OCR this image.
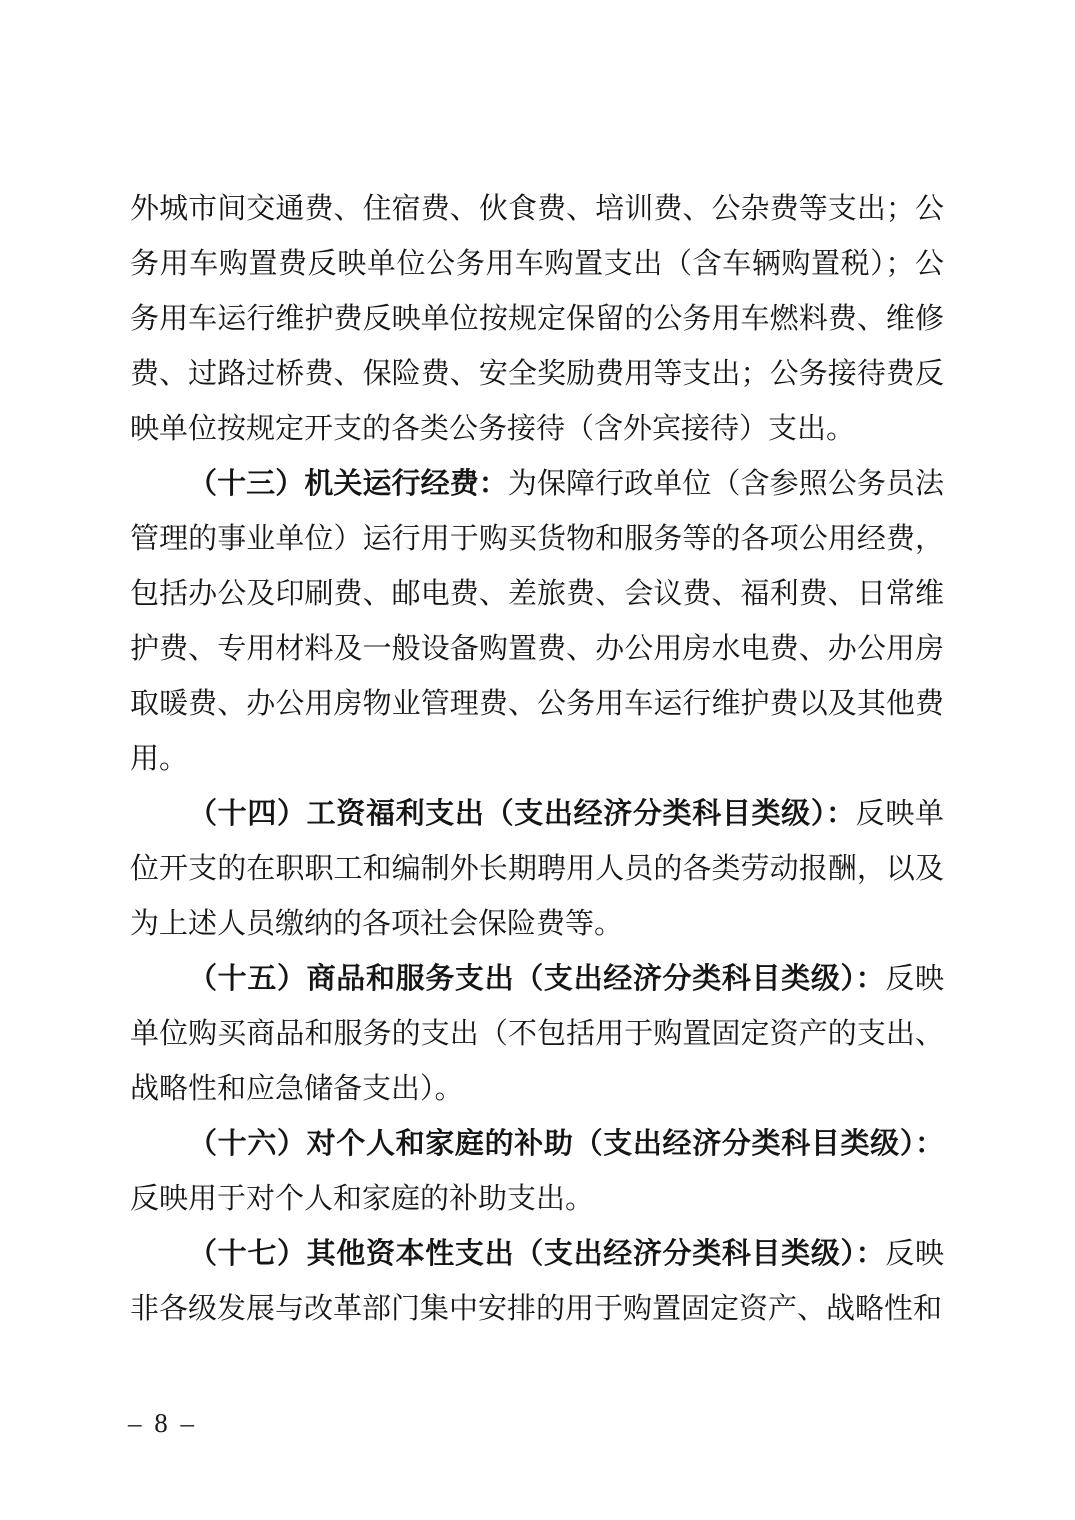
外城市间交通费、住宿费、伙食费、培训费、公杂费等支出；公务用车购置费反映单位公务用车购置支出（含车辆购置税）；公务用车运行维护费反映单位按规定保留的公务用车燃料费、维修费、过路过桥费、保险费、安全奖励费用等支出；公务接待费反映单位按规定开支的各类公务接待（含外宾接待）支出。

（十三）机关运行经费：为保障行政单位（含参照公务员法管理的事业单位）运行用于购买货物和服务等的各项公用经费，包括办公及印刷费、邮电费、差旅费、会议费、福利费、日常维护费、专用材料及一般设备购置费、办公用房水电费、办公用房取暖费、办公用房物业管理费、公务用车运行维护费以及其他费用。

（十四）工资福利支出（支出经济分类科目类级）：反映单位开支的在职职工和编制外长期聘用人员的各类劳动报酬，以及为上述人员缴纳的各项社会保险费等。

（十五）商品和服务支出（支出经济分类科目类级）：反映单位购买商品和服务的支出（不包括用于购置固定资产的支出、战略性和应急储备支出）。

（十六）对个人和家庭的补助（支出经济分类科目类级）：反映用于对个人和家庭的补助支出。

（十七）其他资本性支出（支出经济分类科目类级）：反映非各级发展与改革部门集中安排的用于购置固定资产、战略性和

– 8 –
